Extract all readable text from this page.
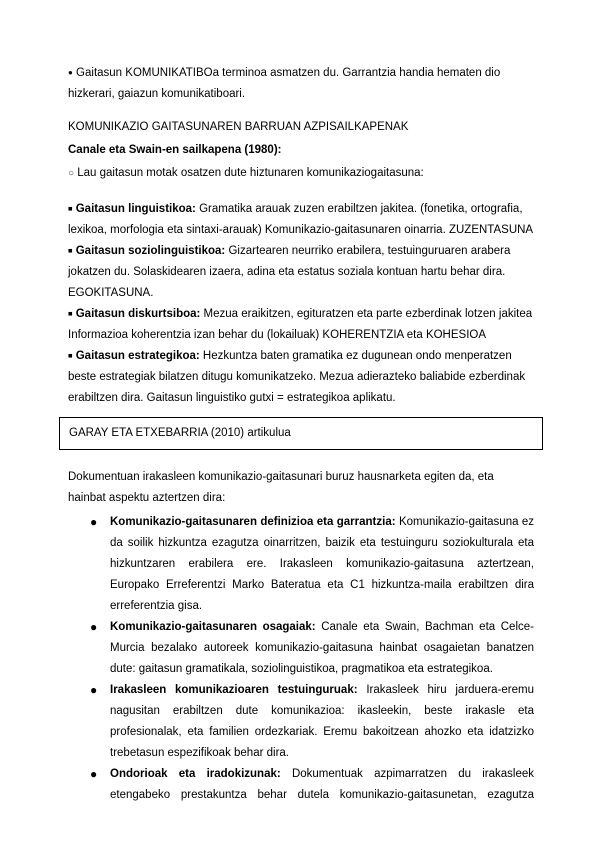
● Gaitasun KOMUNIKATIBOa terminoa asmatzen du. Garrantzia handia hematen dio hizkerari, gaiazun komunikatiboari.

KOMUNIKAZIO GAITASUNAREN BARRUAN AZPISAILKAPENAK

Canale eta Swain-en sailkapena (1980):

○ Lau gaitasun motak osatzen dute hiztunaren komunikaziogaitasuna:

■ Gaitasun linguistikoa: Gramatika arauak zuzen erabiltzen jakitea. (fonetika, ortografia, lexikoa, morfologia eta sintaxi-arauak) Komunikazio-gaitasunaren oinarria. ZUZENTASUNA

■ Gaitasun soziolinguistikoa: Gizartearen neurriko erabilera, testuinguruaren arabera jokatzen du. Solaskidearen izaera, adina eta estatus soziala kontuan hartu behar dira. EGOKITASUNA.

■ Gaitasun diskurtsiboa: Mezua eraikitzen, egituratzen eta parte ezberdinak lotzen jakitea Informazioa koherentzia izan behar du (lokailuak) KOHERENTZIA eta KOHESIOA

■ Gaitasun estrategikoa: Hezkuntza baten gramatika ez dugunean ondo menperatzen beste estrategiak bilatzen ditugu komunikatzeko. Mezua adierazteko baliabide ezberdinak erabiltzen dira. Gaitasun linguistiko gutxi = estrategikoa aplikatu.

GARAY ETA ETXEBARRIA (2010) artikulua

Dokumentuan irakasleen komunikazio-gaitasunari buruz hausnarketa egiten da, eta hainbat aspektu aztertzen dira:

●	Komunikazio-gaitasunaren definizioa eta garrantzia: Komunikazio-gaitasuna ez da soilik hizkuntza ezagutza oinarritzen, baizik eta testuinguru soziokulturala eta hizkuntzaren erabilera ere. Irakasleen komunikazio-gaitasuna aztertzean, Europako Erreferentzi Marko Bateratua eta C1 hizkuntza-maila erabiltzen dira erreferentzia gisa.
●	Komunikazio-gaitasunaren osagaiak: Canale eta Swain, Bachman eta Celce-Murcia bezalako autoreek komunikazio-gaitasuna hainbat osagaietan banatzen dute: gaitasun gramatikala, soziolinguistikoa, pragmatikoa eta estrategikoa.
●	Irakasleen komunikazioaren testuinguruak: Irakasleek hiru jarduera-eremu nagusitan erabiltzen dute komunikazioa: ikasleekin, beste irakasle eta profesionalak, eta familien ordezkariak. Eremu bakoitzean ahozko eta idatzizko trebetasun espezifikoak behar dira.
●	Ondorioak eta iradokizunak: Dokumentuak azpimarratzen du irakasleek etengabeko prestakuntza behar dutela komunikazio-gaitasunetan, ezagutza
